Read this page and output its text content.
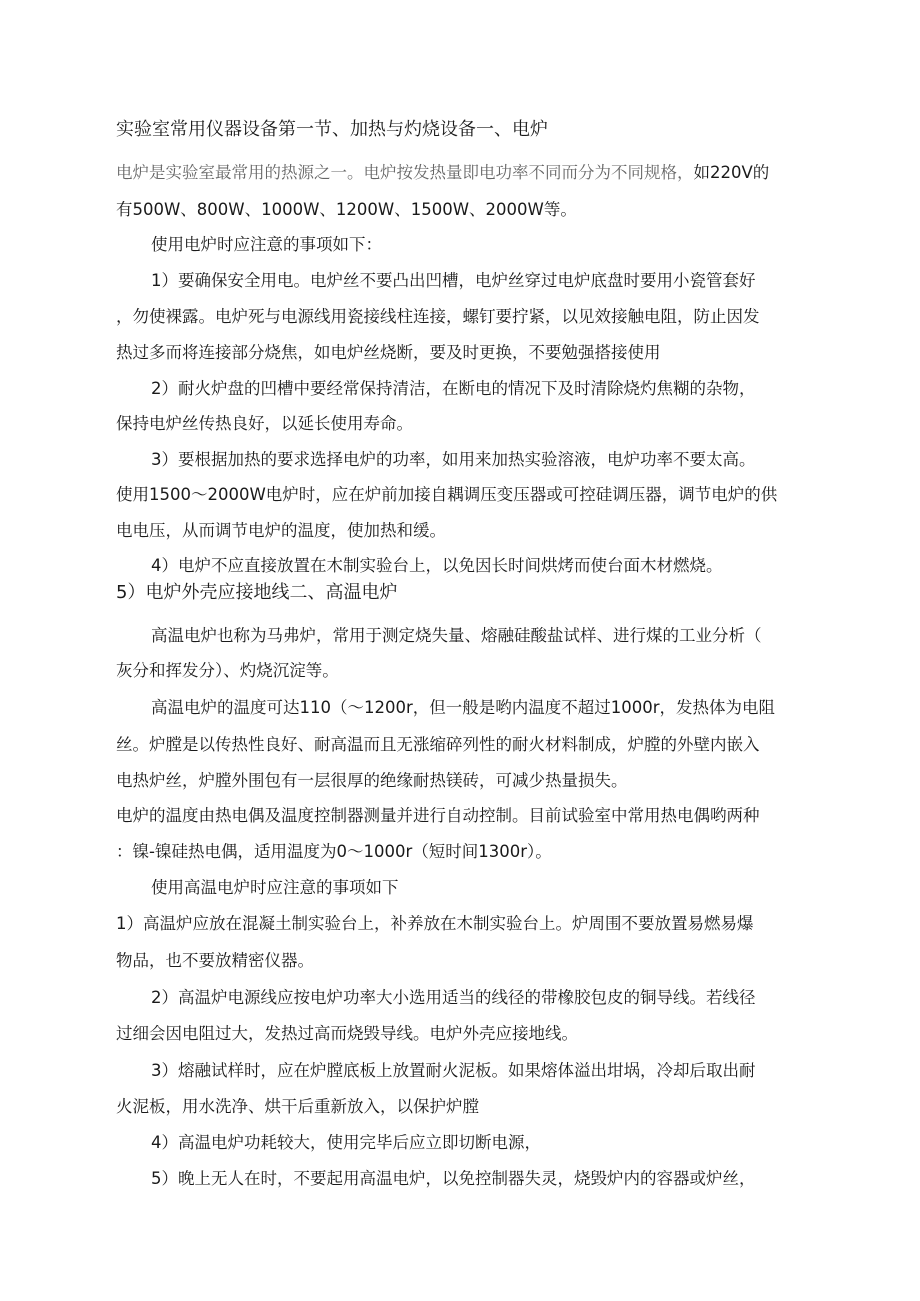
实验室常用仪器设备第一节、加热与灼烧设备一、电炉

电炉是实验室最常用的热源之一。电炉按发热量即电功率不同而分为不同规格，如220V的

有500W、800W、1000W、1200W、1500W、2000W等。

使用电炉时应注意的事项如下：

1）要确保安全用电。电炉丝不要凸出凹槽，电炉丝穿过电炉底盘时要用小瓷管套好

，勿使裸露。电炉死与电源线用瓷接线柱连接，螺钉要拧紧，以见效接触电阻，防止因发

热过多而将连接部分烧焦，如电炉丝烧断，要及时更换，不要勉强搭接使用

2）耐火炉盘的凹槽中要经常保持清洁，在断电的情况下及时清除烧灼焦糊的杂物，

保持电炉丝传热良好，以延长使用寿命。

3）要根据加热的要求选择电炉的功率，如用来加热实验溶液，电炉功率不要太高。

使用1500～2000W电炉时，应在炉前加接自耦调压变压器或可控硅调压器，调节电炉的供

电电压，从而调节电炉的温度，使加热和缓。

4）电炉不应直接放置在木制实验台上，以免因长时间烘烤而使台面木材燃烧。

5）电炉外壳应接地线二、高温电炉

高温电炉也称为马弗炉，常用于测定烧失量、熔融硅酸盐试样、进行煤的工业分析（

灰分和挥发分）、灼烧沉淀等。

高温电炉的温度可达110（～1200r，但一般是哟内温度不超过1000r，发热体为电阻

丝。炉膛是以传热性良好、耐高温而且无涨缩碎列性的耐火材料制成，炉膛的外壁内嵌入

电热炉丝，炉膛外围包有一层很厚的绝缘耐热镁砖，可减少热量损失。

电炉的温度由热电偶及温度控制器测量并进行自动控制。目前试验室中常用热电偶哟两种

：镍-镍硅热电偶，适用温度为0～1000r（短时间1300r）。

使用高温电炉时应注意的事项如下

1）高温炉应放在混凝土制实验台上，补养放在木制实验台上。炉周围不要放置易燃易爆

物品，也不要放精密仪器。

2）高温炉电源线应按电炉功率大小选用适当的线径的带橡胶包皮的铜导线。若线径

过细会因电阻过大，发热过高而烧毁导线。电炉外壳应接地线。

3）熔融试样时，应在炉膛底板上放置耐火泥板。如果熔体溢出坩埚，冷却后取出耐

火泥板，用水洗净、烘干后重新放入，以保护炉膛

4）高温电炉功耗较大，使用完毕后应立即切断电源，

5）晚上无人在时，不要起用高温电炉，以免控制器失灵，烧毁炉内的容器或炉丝，
